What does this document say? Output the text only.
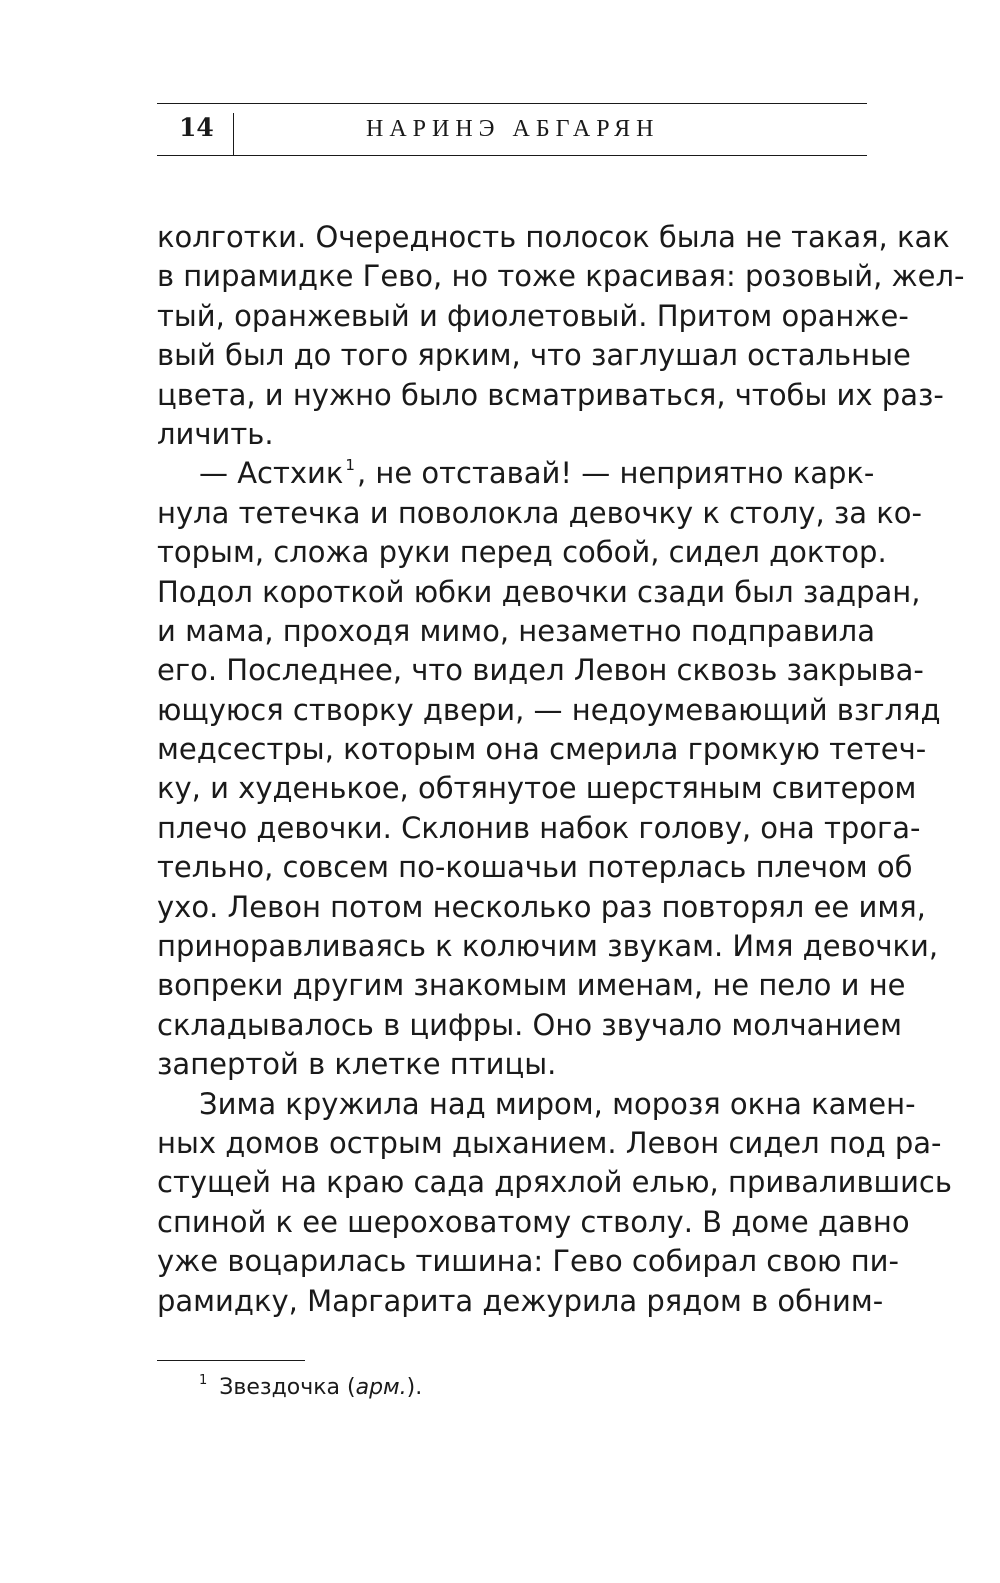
14	НАРИНЭ АБГАРЯН
колготки. Очередность полосок была не такая, как
в пирамидке Гево, но тоже красивая: розовый, жел-
тый, оранжевый и фиолетовый. Притом оранже-
вый был до того ярким, что заглушал остальные
цвета, и нужно было всматриваться, чтобы их раз-
личить.
— Астхик $^1$, не отставай! — неприятно карк-
нула тетечка и поволокла девочку к столу, за ко-
торым, сложа руки перед собой, сидел доктор.
Подол короткой юбки девочки сзади был задран,
и мама, проходя мимо, незаметно подправила
его. Последнее, что видел Левон сквозь закрыва-
ющуюся створку двери, — недоумевающий взгляд
медсестры, которым она смерила громкую тетеч-
ку, и худенькое, обтянутое шерстяным свитером
плечо девочки. Склонив набок голову, она трога-
тельно, совсем по-кошачьи потерлась плечом об
ухо. Левон потом несколько раз повторял ее имя,
приноравливаясь к колючим звукам. Имя девочки,
вопреки другим знакомым именам, не пело и не
складывалось в цифры. Оно звучало молчанием
запертой в клетке птицы.
Зима кружила над миром, морозя окна камен-
ных домов острым дыханием. Левон сидел под ра-
стущей на краю сада дряхлой елью, привалившись
спиной к ее шероховатому стволу. В доме давно
уже воцарилась тишина: Гево собирал свою пи-
рамидку, Маргарита дежурила рядом в обним-
$^1$ Звездочка (арм.).
